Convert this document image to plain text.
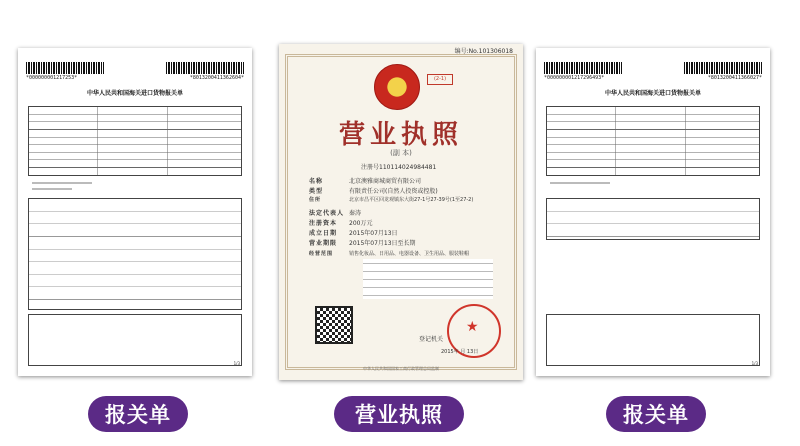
*000000001217253*	*8013200411362604*
中华人民共和国海关进口货物报关单
1/3
编号:No.101306018
(2-1)
营业执照
(副 本)
注册号110114024984481
名称	北京澳雅商城商贸有限公司
类型	有限责任公司(自然人投资或控股)
住所	北京市昌平区回龙观镇东大街27-1号27-39号(1至27-2)
法定代表人 秦涛
注册资本 200万元
成立日期 2015年07月13日
营业期限 2015年07月13日至长期
经营范围	销售化妆品、日用品、电器设备、卫生用品、服装鞋帽
★
登记机关
2015年 月 13日
中华人民共和国国家工商行政管理总局监制
*000000001217296493*	*8013200411366027*
中华人民共和国海关进口货物报关单
1/3
报关单	营业执照	报关单
